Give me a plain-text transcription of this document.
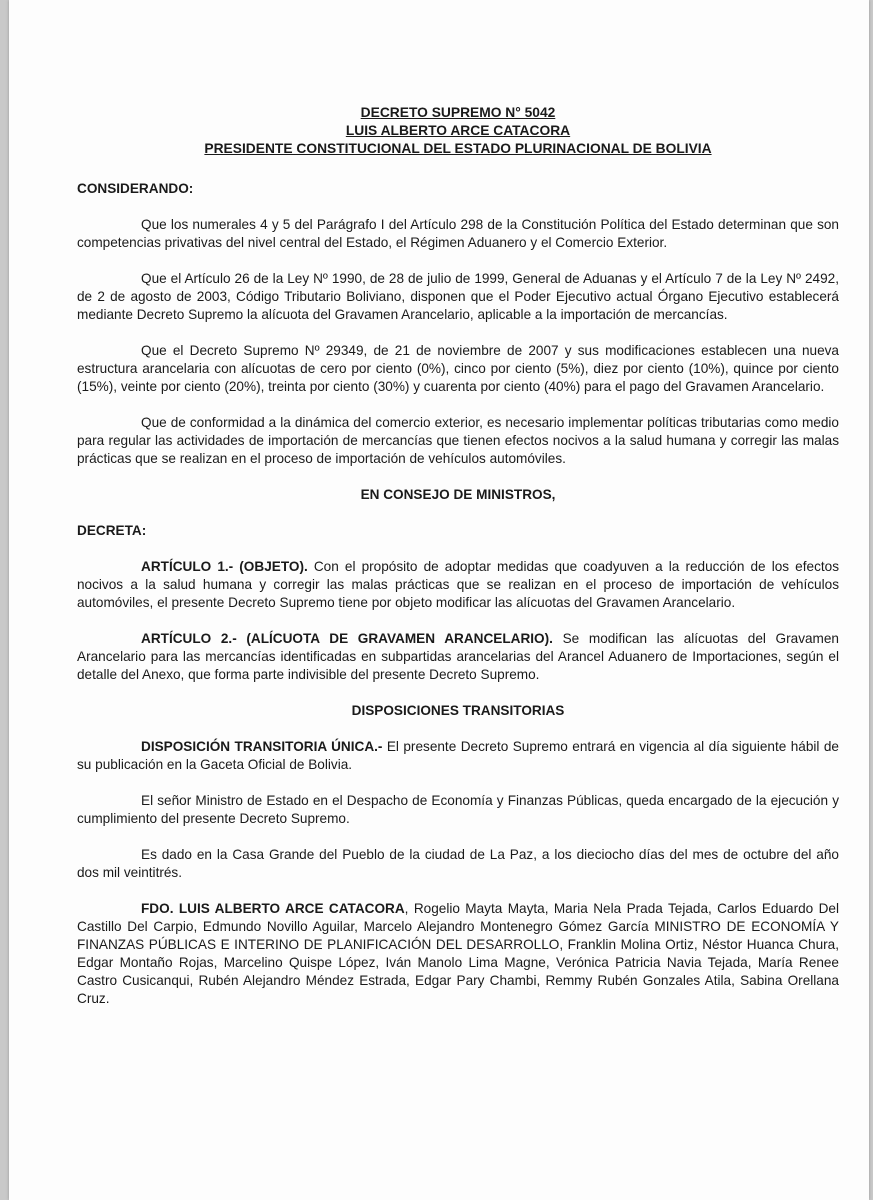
DECRETO SUPREMO N° 5042

LUIS ALBERTO ARCE CATACORA

PRESIDENTE CONSTITUCIONAL DEL ESTADO PLURINACIONAL DE BOLIVIA

CONSIDERANDO:

Que los numerales 4 y 5 del Parágrafo I del Artículo 298 de la Constitución Política del Estado determinan que son competencias privativas del nivel central del Estado, el Régimen Aduanero y el Comercio Exterior.

Que el Artículo 26 de la Ley Nº 1990, de 28 de julio de 1999, General de Aduanas y el Artículo 7 de la Ley Nº 2492, de 2 de agosto de 2003, Código Tributario Boliviano, disponen que el Poder Ejecutivo actual Órgano Ejecutivo establecerá mediante Decreto Supremo la alícuota del Gravamen Arancelario, aplicable a la importación de mercancías.

Que el Decreto Supremo Nº 29349, de 21 de noviembre de 2007 y sus modificaciones establecen una nueva estructura arancelaria con alícuotas de cero por ciento (0%), cinco por ciento (5%), diez por ciento (10%), quince por ciento (15%), veinte por ciento (20%), treinta por ciento (30%) y cuarenta por ciento (40%) para el pago del Gravamen Arancelario.

Que de conformidad a la dinámica del comercio exterior, es necesario implementar políticas tributarias como medio para regular las actividades de importación de mercancías que tienen efectos nocivos a la salud humana y corregir las malas prácticas que se realizan en el proceso de importación de vehículos automóviles.

EN CONSEJO DE MINISTROS,

DECRETA:

ARTÍCULO 1.- (OBJETO). Con el propósito de adoptar medidas que coadyuven a la reducción de los efectos nocivos a la salud humana y corregir las malas prácticas que se realizan en el proceso de importación de vehículos automóviles, el presente Decreto Supremo tiene por objeto modificar las alícuotas del Gravamen Arancelario.

ARTÍCULO 2.- (ALÍCUOTA DE GRAVAMEN ARANCELARIO). Se modifican las alícuotas del Gravamen Arancelario para las mercancías identificadas en subpartidas arancelarias del Arancel Aduanero de Importaciones, según el detalle del Anexo, que forma parte indivisible del presente Decreto Supremo.

DISPOSICIONES TRANSITORIAS

DISPOSICIÓN TRANSITORIA ÚNICA.- El presente Decreto Supremo entrará en vigencia al día siguiente hábil de su publicación en la Gaceta Oficial de Bolivia.

El señor Ministro de Estado en el Despacho de Economía y Finanzas Públicas, queda encargado de la ejecución y cumplimiento del presente Decreto Supremo.

Es dado en la Casa Grande del Pueblo de la ciudad de La Paz, a los dieciocho días del mes de octubre del año dos mil veintitrés.

FDO. LUIS ALBERTO ARCE CATACORA, Rogelio Mayta Mayta, Maria Nela Prada Tejada, Carlos Eduardo Del Castillo Del Carpio, Edmundo Novillo Aguilar, Marcelo Alejandro Montenegro Gómez García MINISTRO DE ECONOMÍA Y FINANZAS PÚBLICAS E INTERINO DE PLANIFICACIÓN DEL DESARROLLO, Franklin Molina Ortiz, Néstor Huanca Chura, Edgar Montaño Rojas, Marcelino Quispe López, Iván Manolo Lima Magne, Verónica Patricia Navia Tejada, María Renee Castro Cusicanqui, Rubén Alejandro Méndez Estrada, Edgar Pary Chambi, Remmy Rubén Gonzales Atila, Sabina Orellana Cruz.
